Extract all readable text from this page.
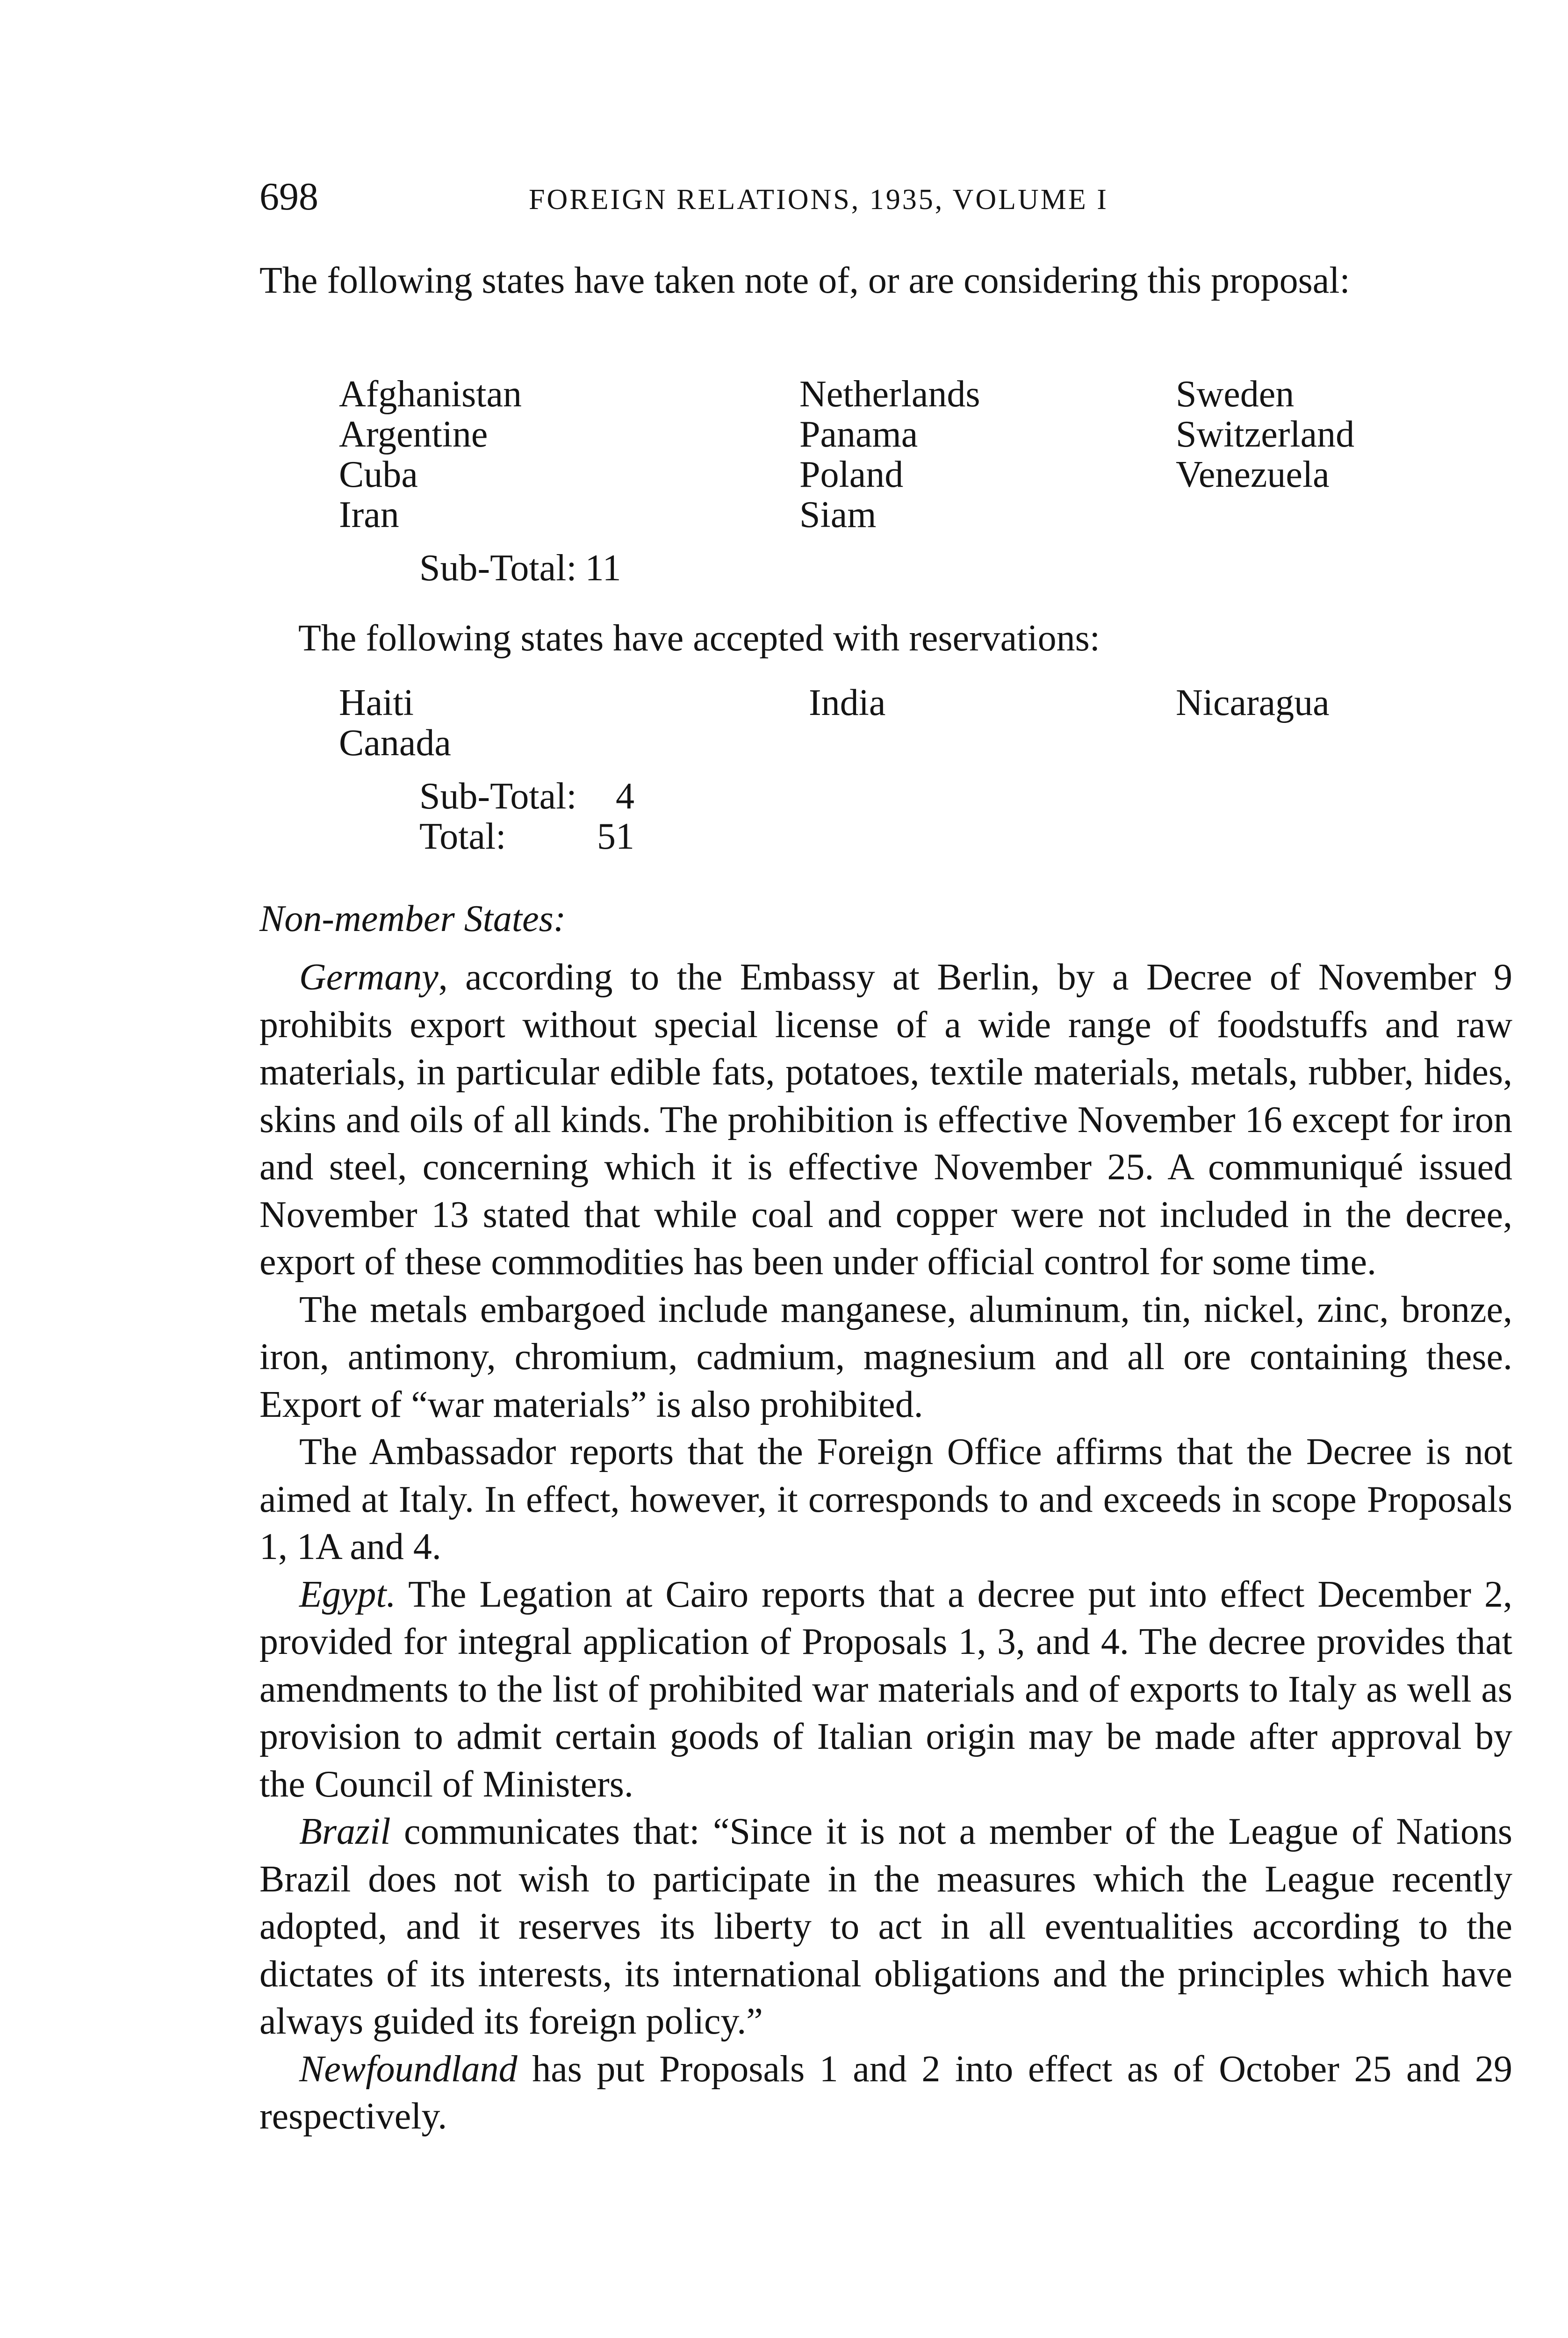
698	FOREIGN RELATIONS, 1935, VOLUME I

The following states have taken note of, or are considering this proposal:

Afghanistan
Argentine
Cuba
Iran
Netherlands
Panama
Poland
Siam
Sweden
Switzerland
Venezuela
Sub-Total: 11
The following states have accepted with reservations:
Haiti
Canada
India	Nicaragua
Sub-Total: 4
Total: 51
Non-member States:

Germany, according to the Embassy at Berlin, by a Decree of November 9 prohibits export without special license of a wide range of foodstuffs and raw materials, in particular edible fats, potatoes, textile materials, metals, rubber, hides, skins and oils of all kinds. The prohibition is effective November 16 except for iron and steel, concerning which it is effective November 25. A communiqué issued November 13 stated that while coal and copper were not included in the decree, export of these commodities has been under official control for some time.

The metals embargoed include manganese, aluminum, tin, nickel, zinc, bronze, iron, antimony, chromium, cadmium, magnesium and all ore containing these. Export of “war materials” is also prohibited.

The Ambassador reports that the Foreign Office affirms that the Decree is not aimed at Italy. In effect, however, it corresponds to and exceeds in scope Proposals 1, 1A and 4.

Egypt. The Legation at Cairo reports that a decree put into effect December 2, provided for integral application of Proposals 1, 3, and 4. The decree provides that amendments to the list of prohibited war materials and of exports to Italy as well as provision to admit certain goods of Italian origin may be made after approval by the Council of Ministers.

Brazil communicates that: “Since it is not a member of the League of Nations Brazil does not wish to participate in the measures which the League recently adopted, and it reserves its liberty to act in all eventualities according to the dictates of its interests, its international obligations and the principles which have always guided its foreign policy.”

Newfoundland has put Proposals 1 and 2 into effect as of October 25 and 29 respectively.
